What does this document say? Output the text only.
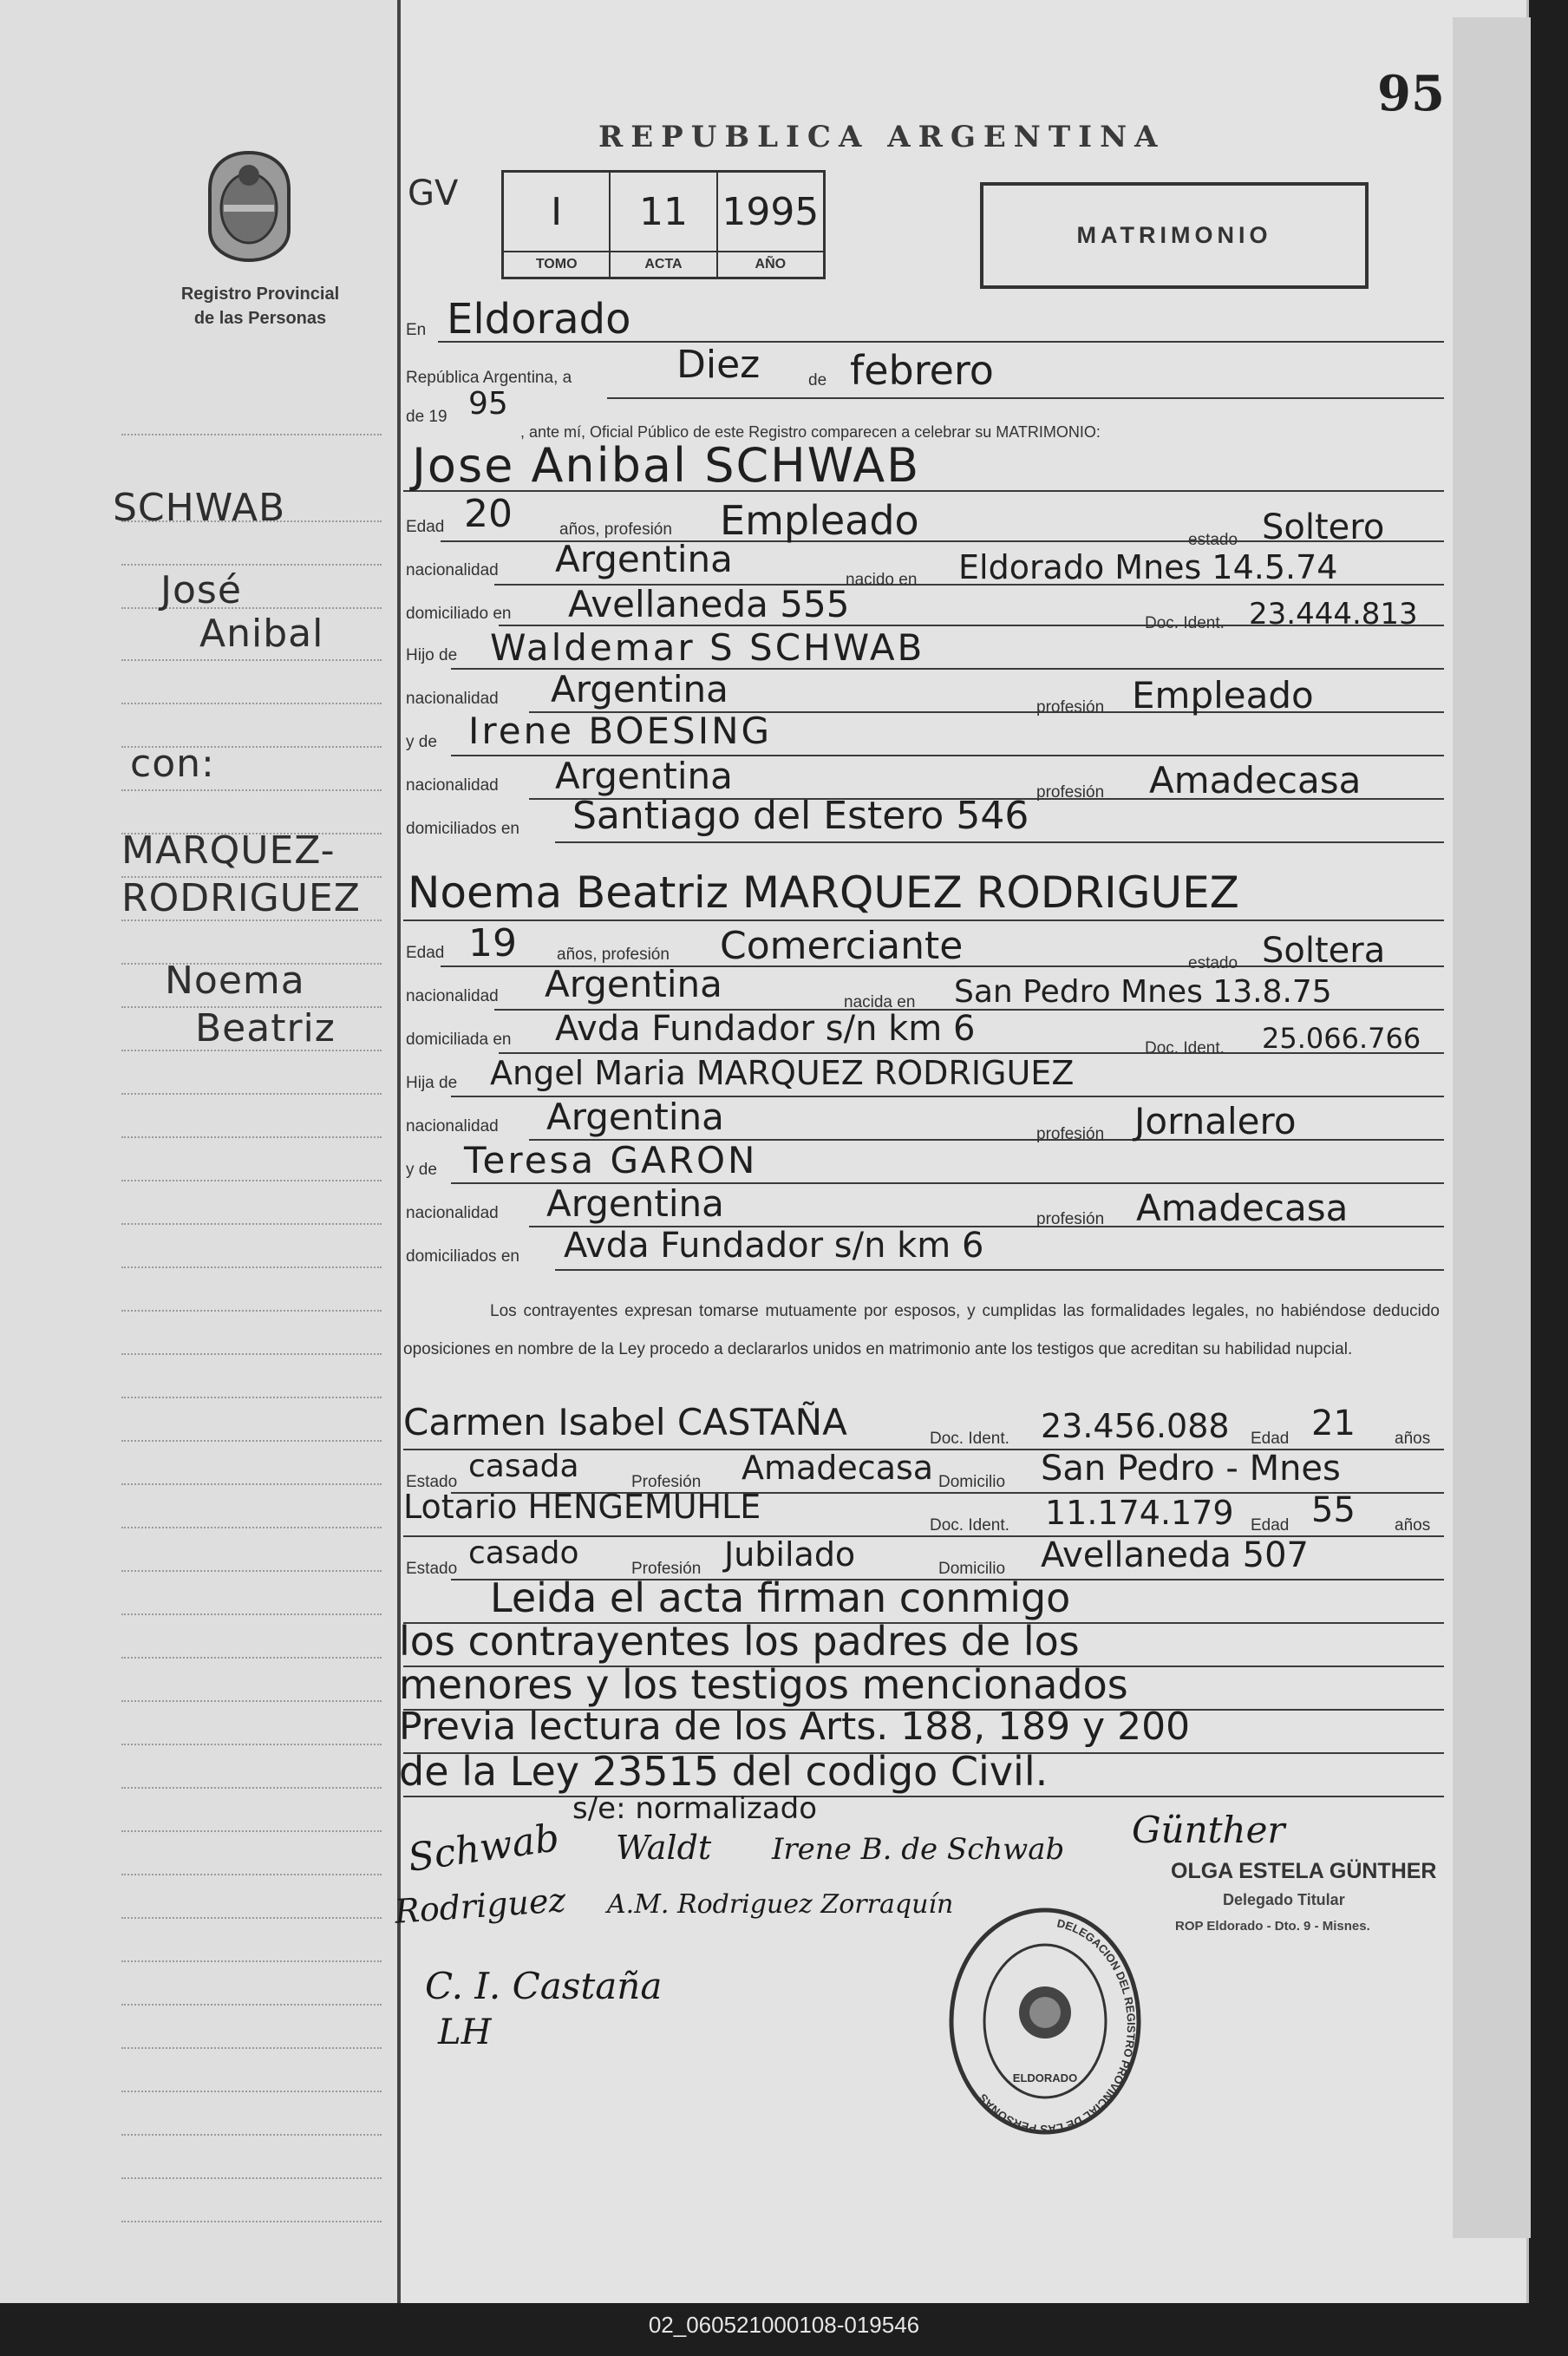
Registro Provincial
de las Personas
SCHWAB
José
Anibal
con:
MARQUEZ-
RODRIGUEZ
Noema
Beatriz
95
REPUBLICA ARGENTINA
GV	I
TOMO
11
ACTA
1995
AÑO
MATRIMONIO
En Eldorado
República Argentina, a	Diez	de febrero
de 19 95
, ante mí, Oficial Público de este Registro comparecen a celebrar su MATRIMONIO:
Jose Anibal SCHWAB
Edad 20	años, profesión Empleado	estado Soltero
nacionalidad Argentina	nacido en Eldorado Mnes 14.5.74
domiciliado en Avellaneda 555	Doc. Ident. 23.444.813
Hijo de Waldemar S SCHWAB
nacionalidad Argentina	profesión Empleado
y de Irene BOESING
nacionalidad Argentina	profesión Amadecasa
domiciliados en Santiago del Estero 546
Noema Beatriz MARQUEZ RODRIGUEZ
Edad 19 años, profesión Comerciante	estado Soltera
nacionalidad Argentina	nacida en San Pedro Mnes 13.8.75
domiciliada en Avda Fundador s/n km 6	Doc. Ident. 25.066.766
Hija de Angel Maria MARQUEZ RODRIGUEZ
nacionalidad Argentina	profesión Jornalero
y de Teresa GARON
nacionalidad Argentina	profesión Amadecasa
domiciliados en Avda Fundador s/n km 6
Los contrayentes expresan tomarse mutuamente por esposos, y cumplidas las formalidades legales, no habiéndose deducido oposiciones en nombre de la Ley procedo a declararlos unidos en matrimonio ante los testigos que acreditan su habilidad nupcial.
Carmen Isabel CASTAÑA	Doc. Ident. 23.456.088 Edad 21 años
Estado casada	Profesión Amadecasa Domicilio San Pedro - Mnes
Lotario HENGEMUHLE	Doc. Ident. 11.174.179 Edad 55 años
Estado casado	Profesión Jubilado	Domicilio Avellaneda 507
Leida el acta firman conmigo
los contrayentes los padres de los
menores y los testigos mencionados
Previa lectura de los Arts. 188, 189 y 200
de la Ley 23515 del codigo Civil.
s/e: normalizado
Schwab Waldt Irene B. de Schwab
Rodriguez A.M. Rodriguez Zorraquín
C. I. Castaña
LH
Günther
OLGA ESTELA GÜNTHER
Delegado Titular
ROP Eldorado - Dto. 9 - Misnes.
DELEGACION DEL REGISTRO PROVINCIAL DE LAS PERSONAS
ELDORADO
02_060521000108-019546
